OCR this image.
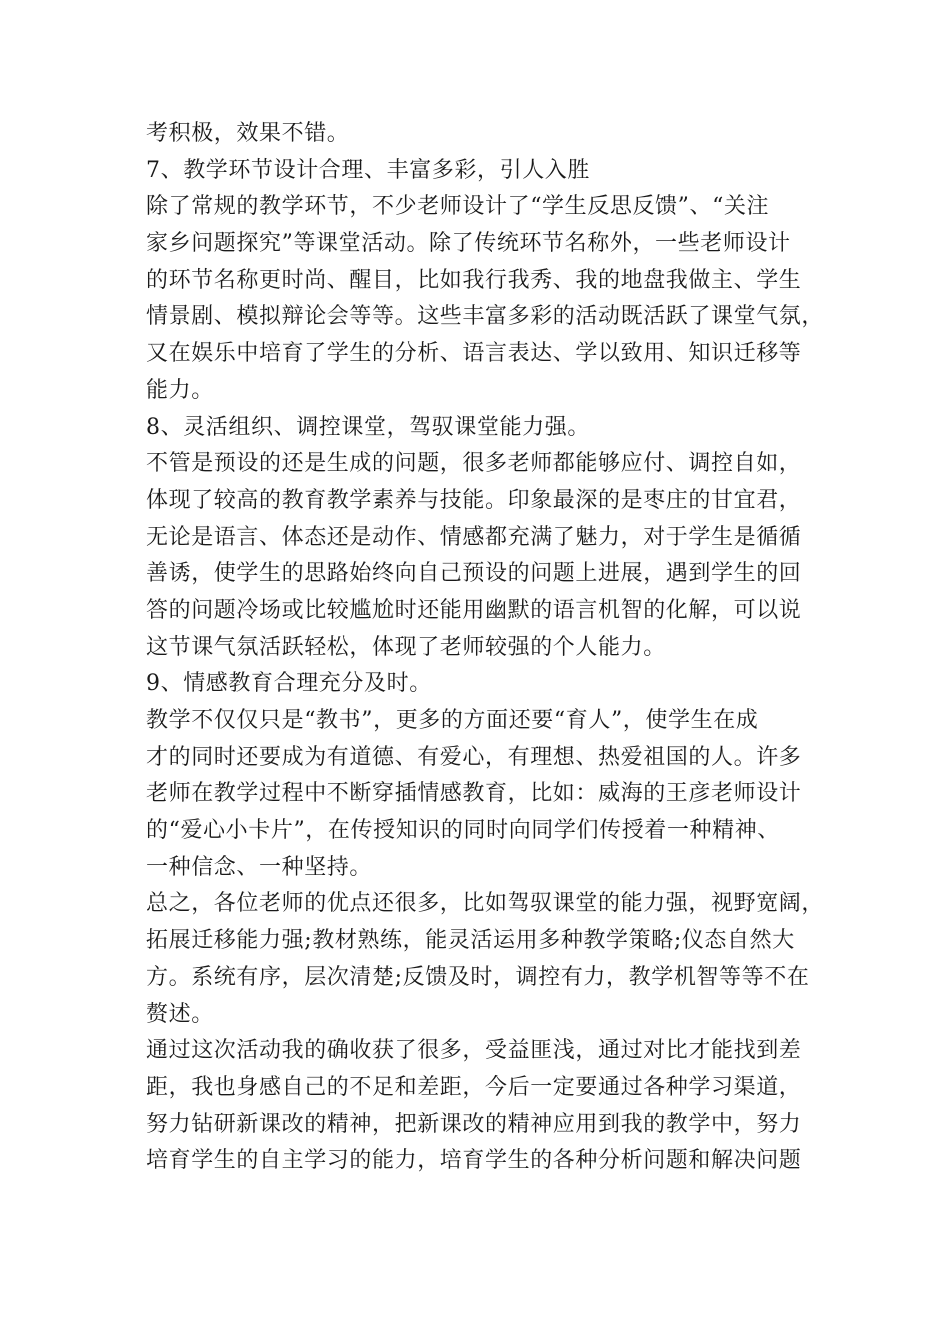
考积极，效果不错。
7、教学环节设计合理、丰富多彩，引人入胜
除了常规的教学环节，不少老师设计了“学生反思反馈”、“关注
家乡问题探究”等课堂活动。除了传统环节名称外，一些老师设计
的环节名称更时尚、醒目，比如我行我秀、我的地盘我做主、学生
情景剧、模拟辩论会等等。这些丰富多彩的活动既活跃了课堂气氛，
又在娱乐中培育了学生的分析、语言表达、学以致用、知识迁移等
能力。
8、灵活组织、调控课堂，驾驭课堂能力强。
不管是预设的还是生成的问题，很多老师都能够应付、调控自如，
体现了较高的教育教学素养与技能。印象最深的是枣庄的甘宜君，
无论是语言、体态还是动作、情感都充满了魅力，对于学生是循循
善诱，使学生的思路始终向自己预设的问题上进展，遇到学生的回
答的问题冷场或比较尴尬时还能用幽默的语言机智的化解，可以说
这节课气氛活跃轻松，体现了老师较强的个人能力。
9、情感教育合理充分及时。
教学不仅仅只是“教书”，更多的方面还要“育人”，使学生在成
才的同时还要成为有道德、有爱心，有理想、热爱祖国的人。许多
老师在教学过程中不断穿插情感教育，比如：威海的王彦老师设计
的“爱心小卡片”，在传授知识的同时向同学们传授着一种精神、
一种信念、一种坚持。
总之，各位老师的优点还很多，比如驾驭课堂的能力强，视野宽阔，
拓展迁移能力强;教材熟练，能灵活运用多种教学策略;仪态自然大
方。系统有序，层次清楚;反馈及时，调控有力，教学机智等等不在
赘述。
通过这次活动我的确收获了很多，受益匪浅，通过对比才能找到差
距，我也身感自己的不足和差距，今后一定要通过各种学习渠道，
努力钻研新课改的精神，把新课改的精神应用到我的教学中，努力
培育学生的自主学习的能力，培育学生的各种分析问题和解决问题
